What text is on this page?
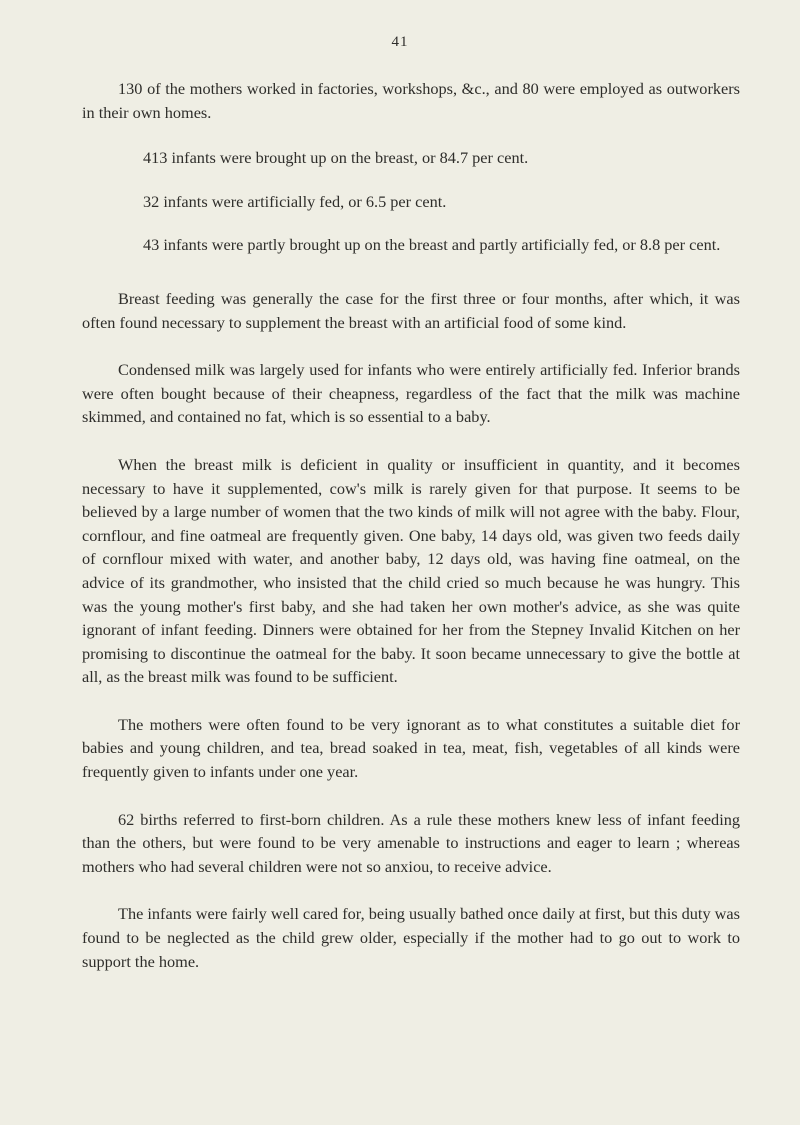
41

130 of the mothers worked in factories, workshops, &c., and 80 were employed as outworkers in their own homes.

413 infants were brought up on the breast, or 84.7 per cent.

32 infants were artificially fed, or 6.5 per cent.

43 infants were partly brought up on the breast and partly artificially fed, or 8.8 per cent.

Breast feeding was generally the case for the first three or four months, after which, it was often found necessary to supplement the breast with an artificial food of some kind.

Condensed milk was largely used for infants who were entirely artificially fed. Inferior brands were often bought because of their cheapness, regardless of the fact that the milk was machine skimmed, and contained no fat, which is so essential to a baby.

When the breast milk is deficient in quality or insufficient in quantity, and it becomes necessary to have it supplemented, cow's milk is rarely given for that purpose. It seems to be believed by a large number of women that the two kinds of milk will not agree with the baby. Flour, cornflour, and fine oatmeal are frequently given. One baby, 14 days old, was given two feeds daily of cornflour mixed with water, and another baby, 12 days old, was having fine oatmeal, on the advice of its grandmother, who insisted that the child cried so much because he was hungry. This was the young mother's first baby, and she had taken her own mother's advice, as she was quite ignorant of infant feeding. Dinners were obtained for her from the Stepney Invalid Kitchen on her promising to discontinue the oatmeal for the baby. It soon became unnecessary to give the bottle at all, as the breast milk was found to be sufficient.

The mothers were often found to be very ignorant as to what constitutes a suitable diet for babies and young children, and tea, bread soaked in tea, meat, fish, vegetables of all kinds were frequently given to infants under one year.

62 births referred to first-born children. As a rule these mothers knew less of infant feeding than the others, but were found to be very amenable to instructions and eager to learn ; whereas mothers who had several children were not so anxiou, to receive advice.

The infants were fairly well cared for, being usually bathed once daily at first, but this duty was found to be neglected as the child grew older, especially if the mother had to go out to work to support the home.
